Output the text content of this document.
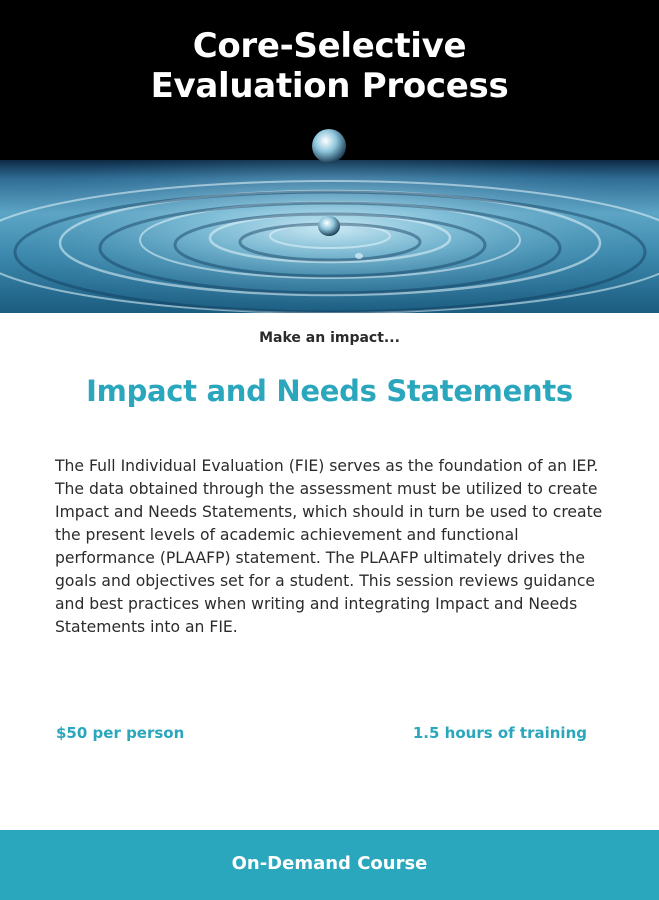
Core-Selective
Evaluation Process
Make an impact...
Impact and Needs Statements
The Full Individual Evaluation (FIE) serves as the foundation of an IEP. The data obtained through the assessment must be utilized to create Impact and Needs Statements, which should in turn be used to create the present levels of academic achievement and functional performance (PLAAFP) statement. The PLAAFP ultimately drives the goals and objectives set for a student. This session reviews guidance and best practices when writing and integrating Impact and Needs Statements into an FIE.
$50 per person	1.5 hours of training
On-Demand Course
